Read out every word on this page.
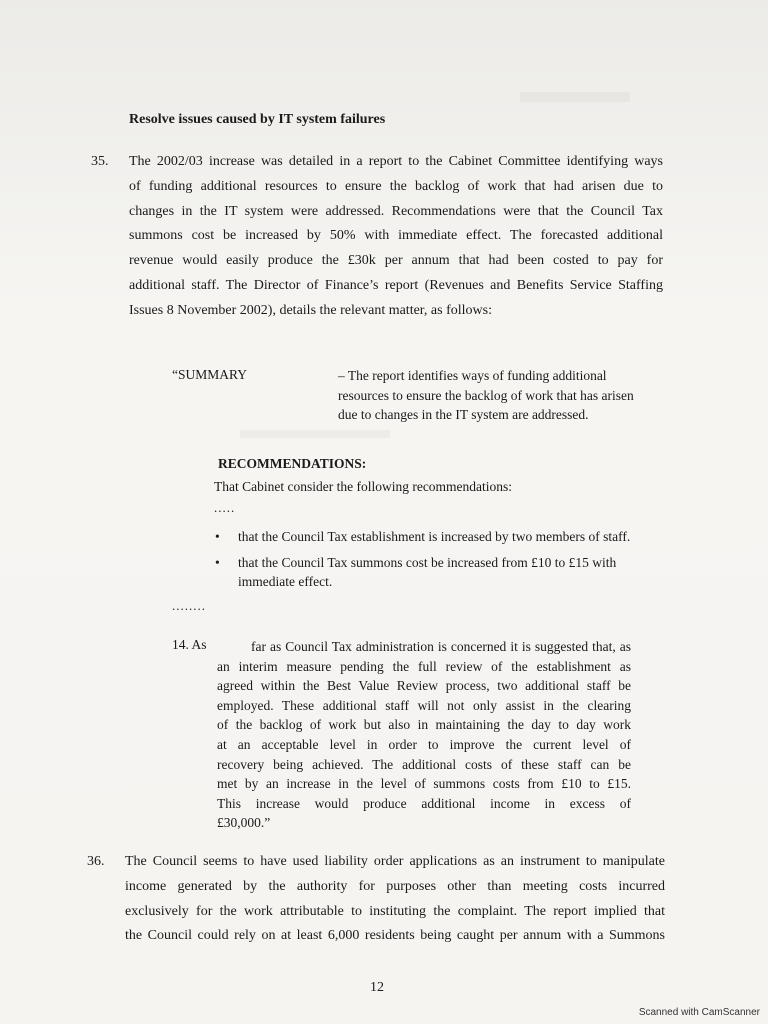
Resolve issues caused by IT system failures
35. The 2002/03 increase was detailed in a report to the Cabinet Committee identifying ways
of funding additional resources to ensure the backlog of work that had arisen due to
changes in the IT system were addressed. Recommendations were that the Council Tax
summons cost be increased by 50% with immediate effect. The forecasted additional
revenue would easily produce the £30k per annum that had been costed to pay for
additional staff. The Director of Finance’s report (Revenues and Benefits Service Staffing
Issues 8 November 2002), details the relevant matter, as follows:

“SUMMARY	– The report identifies ways of funding additional resources to ensure the backlog of work that has arisen due to changes in the IT system are addressed.

RECOMMENDATIONS:

That Cabinet consider the following recommendations:

.....

• that the Council Tax establishment is increased by two members of staff.
• that the Council Tax summons cost be increased from £10 to £15 with immediate effect.

........

14. As	far as Council Tax administration is concerned it is suggested that, as
an interim measure pending the full review of the establishment as
agreed within the Best Value Review process, two additional staff be
employed. These additional staff will not only assist in the clearing
of the backlog of work but also in maintaining the day to day work
at an acceptable level in order to improve the current level of
recovery being achieved. The additional costs of these staff can be
met by an increase in the level of summons costs from £10 to £15.
This increase would produce additional income in excess of
£30,000.”
36. The Council seems to have used liability order applications as an instrument to manipulate
income generated by the authority for purposes other than meeting costs incurred
exclusively for the work attributable to instituting the complaint. The report implied that
the Council could rely on at least 6,000 residents being caught per annum with a Summons

12

Scanned with CamScanner
